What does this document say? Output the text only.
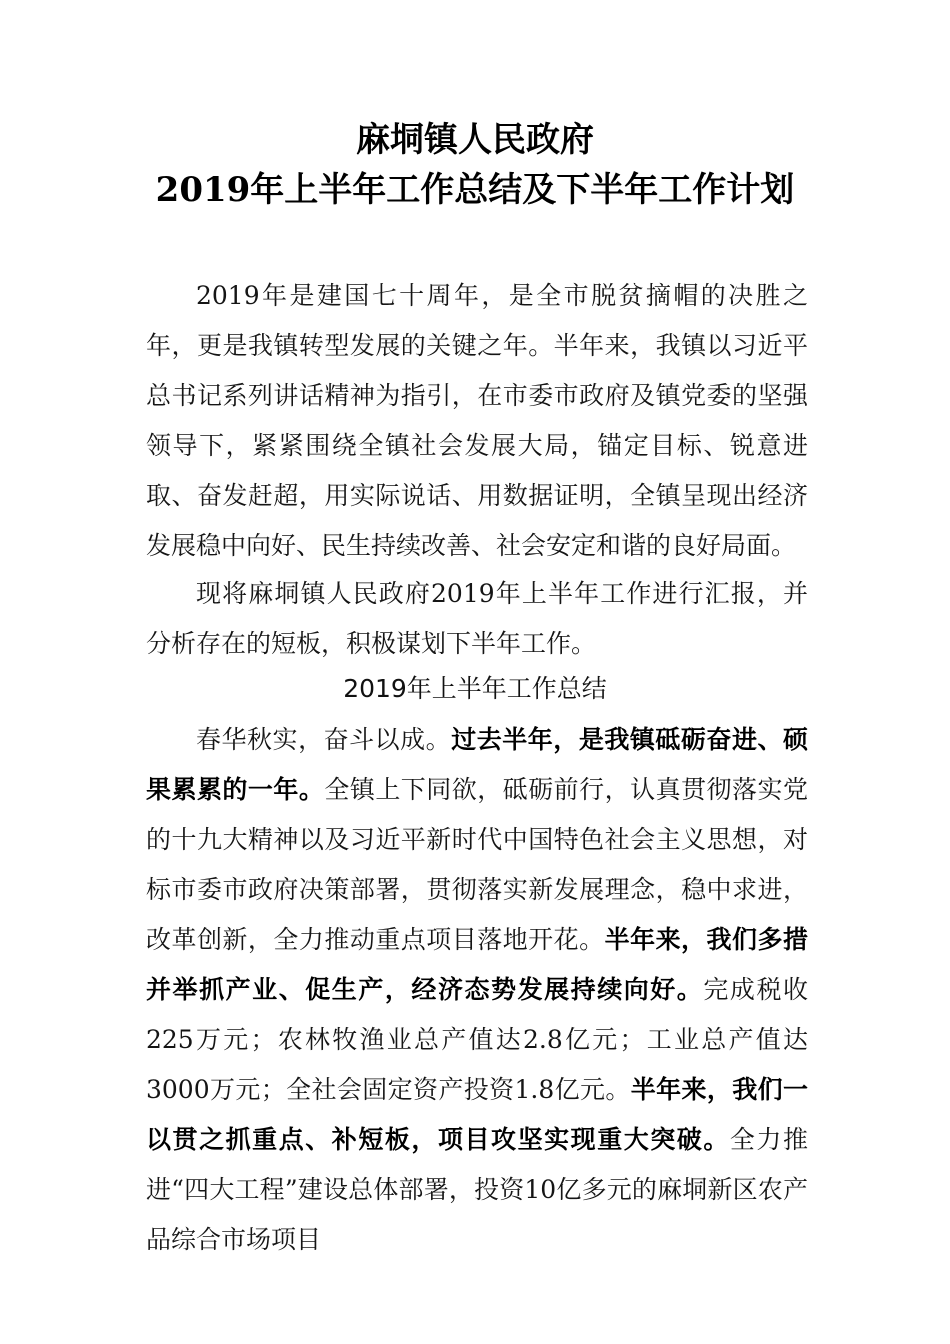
麻垌镇人民政府
2019年上半年工作总结及下半年工作计划

2019年是建国七十周年，是全市脱贫摘帽的决胜之年，更是我镇转型发展的关键之年。半年来，我镇以习近平总书记系列讲话精神为指引，在市委市政府及镇党委的坚强领导下，紧紧围绕全镇社会发展大局，锚定目标、锐意进取、奋发赶超，用实际说话、用数据证明，全镇呈现出经济发展稳中向好、民生持续改善、社会安定和谐的良好局面。

现将麻垌镇人民政府2019年上半年工作进行汇报，并分析存在的短板，积极谋划下半年工作。

2019年上半年工作总结

春华秋实，奋斗以成。过去半年，是我镇砥砺奋进、硕果累累的一年。全镇上下同欲，砥砺前行，认真贯彻落实党的十九大精神以及习近平新时代中国特色社会主义思想，对标市委市政府决策部署，贯彻落实新发展理念，稳中求进，改革创新，全力推动重点项目落地开花。半年来，我们多措并举抓产业、促生产，经济态势发展持续向好。完成税收225万元；农林牧渔业总产值达2.8亿元；工业总产值达3000万元；全社会固定资产投资1.8亿元。半年来，我们一以贯之抓重点、补短板，项目攻坚实现重大突破。全力推进“四大工程”建设总体部署，投资10亿多元的麻垌新区农产品综合市场项目
